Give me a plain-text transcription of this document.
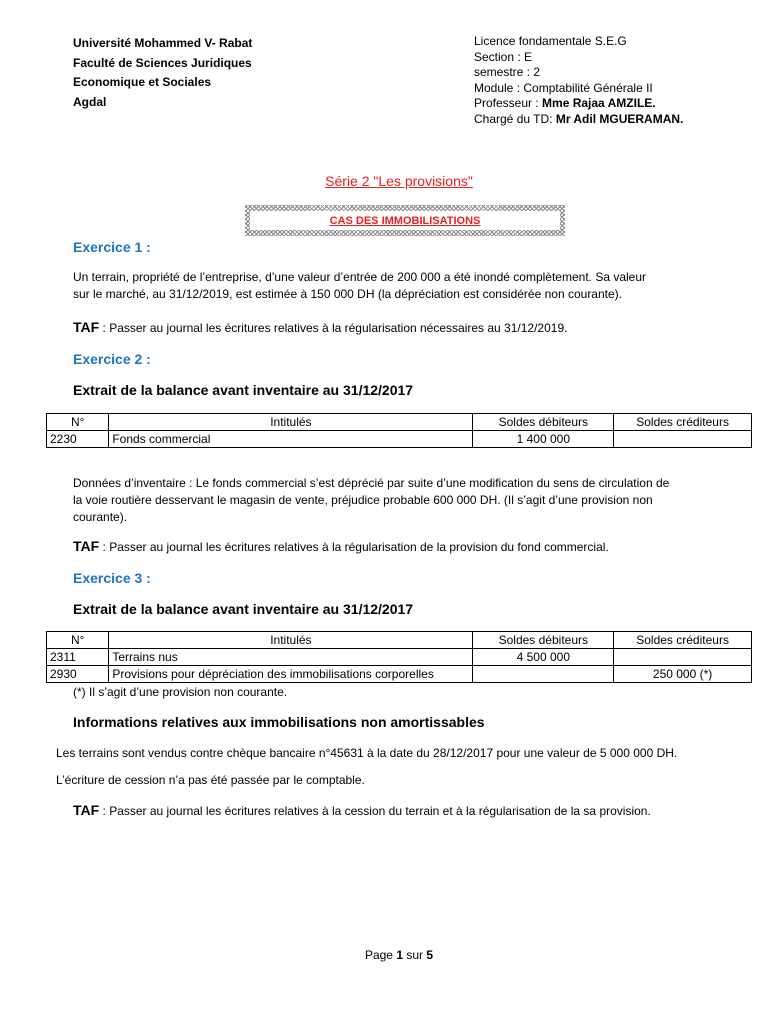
Université Mohammed V- Rabat
Faculté de Sciences Juridiques
Economique et Sociales
Agdal
Licence fondamentale S.E.G
Section : E
semestre : 2
Module : Comptabilité Générale II
Professeur : Mme Rajaa AMZILE.
Chargé du TD: Mr Adil MGUERAMAN.
Série 2 "Les provisions"
CAS DES IMMOBILISATIONS
Exercice 1 :
Un terrain, propriété de l’entreprise, d’une valeur d’entrée de 200 000 a été inondé complètement. Sa valeur
sur le marché, au 31/12/2019, est estimée à 150 000 DH (la dépréciation est considérée non courante).
TAF : Passer au journal les écritures relatives à la régularisation nécessaires au 31/12/2019.
Exercice 2 :
Extrait de la balance avant inventaire au 31/12/2017
N°	Intitulés	Soldes débiteurs	Soldes créditeurs
2230	Fonds commercial	1 400 000	
Données d’inventaire : Le fonds commercial s’est déprécié par suite d’une modification du sens de circulation de
la voie routière desservant le magasin de vente, préjudice probable 600 000 DH. (Il s’agit d’une provision non
courante).
TAF : Passer au journal les écritures relatives à la régularisation de la provision du fond commercial.
Exercice 3 :
Extrait de la balance avant inventaire au 31/12/2017
N°	Intitulés	Soldes débiteurs	Soldes créditeurs
2311	Terrains nus	4 500 000	
2930	Provisions pour dépréciation des immobilisations corporelles		250 000 (*)
(*) Il s’agit d’une provision non courante.
Informations relatives aux immobilisations non amortissables
Les terrains sont vendus contre chèque bancaire n°45631 à la date du 28/12/2017 pour une valeur de 5 000 000 DH.
L’écriture de cession n’a pas été passée par le comptable.
TAF : Passer au journal les écritures relatives à la cession du terrain et à la régularisation de la sa provision.
Page 1 sur 5
